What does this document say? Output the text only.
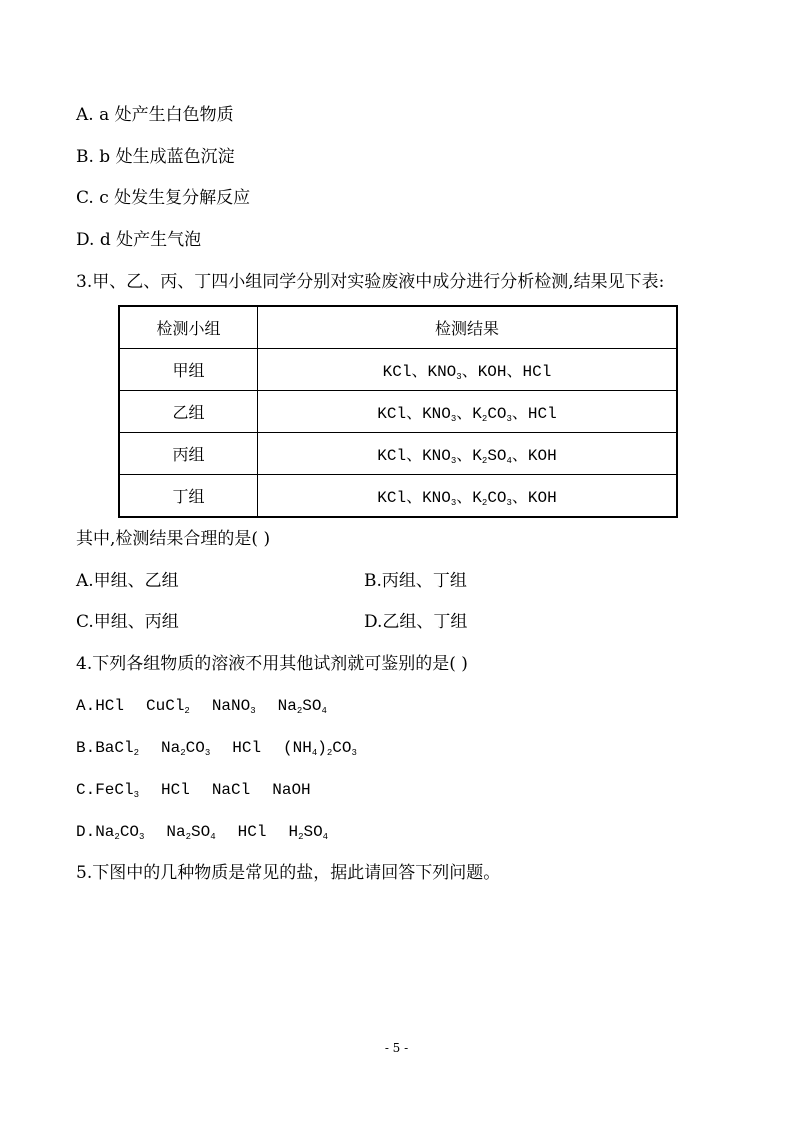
A. a 处产生白色物质
B. b 处生成蓝色沉淀
C. c 处发生复分解反应
D. d 处产生气泡
3.甲、乙、丙、丁四小组同学分别对实验废液中成分进行分析检测,结果见下表:
检测小组	检测结果
甲组	KCl、$KNO_3$、KOH、HCl
乙组	KCl、$KNO_3$、$K_2CO_3$、HCl
丙组	KCl、$KNO_3$、$K_2SO_4$、KOH
丁组	KCl、$KNO_3$、$K_2CO_3$、KOH
其中,检测结果合理的是( )
A.甲组、乙组	B.丙组、丁组
C.甲组、丙组	D.乙组、丁组
4.下列各组物质的溶液不用其他试剂就可鉴别的是( )
A.HCl CuCl$_2$ NaNO$_3$ $Na_2SO_4$
B.BaCl$_2$ $Na_2CO_3$ HCl $(NH_4)_2CO_3$
C.FeCl$_3$ HCl NaCl NaOH
$D.Na_2CO_3$ $Na_2SO_4$ HCl $H_2SO_4$
5.下图中的几种物质是常见的盐，据此请回答下列问题。
- 5 -
